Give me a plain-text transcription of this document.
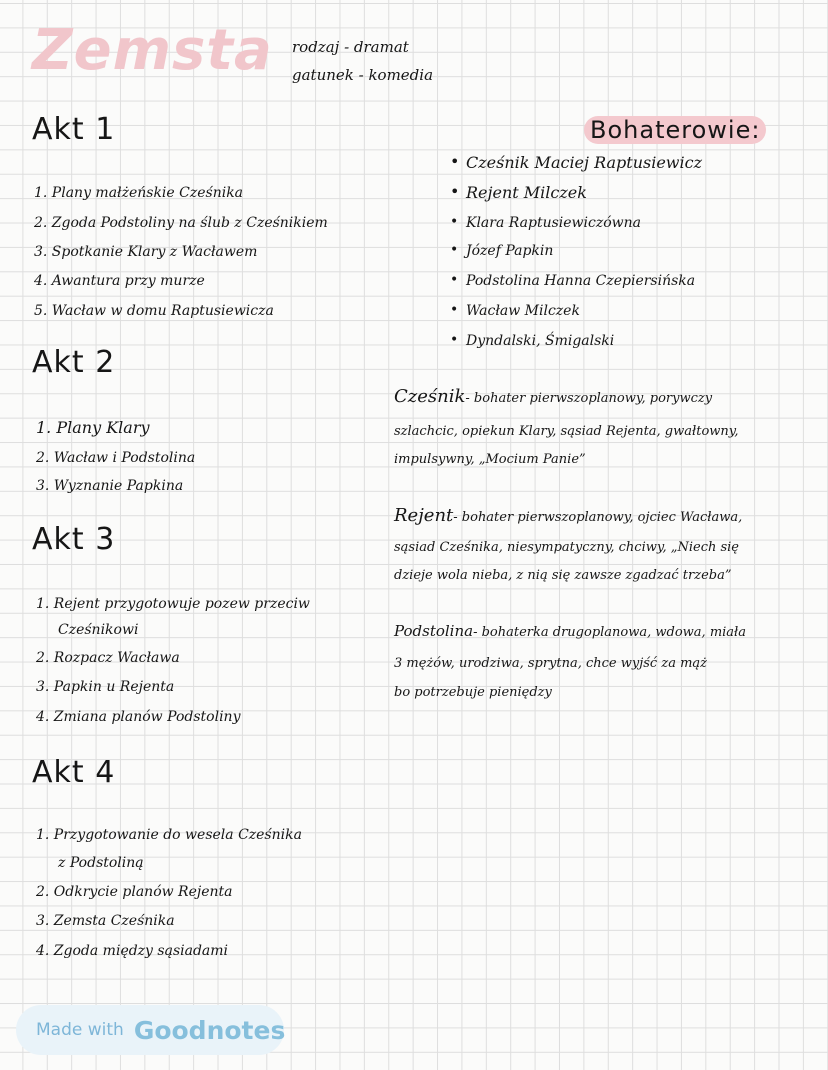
Zemsta rodzaj - dramat
gatunek - komedia
Akt 1
1. Plany małżeńskie Cześnika
2. Zgoda Podstoliny na ślub z Cześnikiem
3. Spotkanie Klary z Wacławem
4. Awantura przy murze
5. Wacław w domu Raptusiewicza
Akt 2
1. Plany Klary
2. Wacław i Podstolina
3. Wyznanie Papkina
Akt 3
1. Rejent przygotowuje pozew przeciw
Cześnikowi
2. Rozpacz Wacława
3. Papkin u Rejenta
4. Zmiana planów Podstoliny
Akt 4
1. Przygotowanie do wesela Cześnika
z Podstoliną
2. Odkrycie planów Rejenta
3. Zemsta Cześnika
4. Zgoda między sąsiadami
Bohaterowie:
• Cześnik Maciej Raptusiewicz
• Rejent Milczek
• Klara Raptusiewiczówna
• Józef Papkin
• Podstolina Hanna Czepiersińska
• Wacław Milczek
• Dyndalski, Śmigalski
Cześnik- bohater pierwszoplanowy, porywczy
szlachcic, opiekun Klary, sąsiad Rejenta, gwałtowny,
impulsywny, „Mocium Panie”
Rejent- bohater pierwszoplanowy, ojciec Wacława,
sąsiad Cześnika, niesympatyczny, chciwy, „Niech się
dzieje wola nieba, z nią się zawsze zgadzać trzeba”
Podstolina- bohaterka drugoplanowa, wdowa, miała
3 mężów, urodziwa, sprytna, chce wyjść za mąż
bo potrzebuje pieniędzy
Made with Goodnotes
